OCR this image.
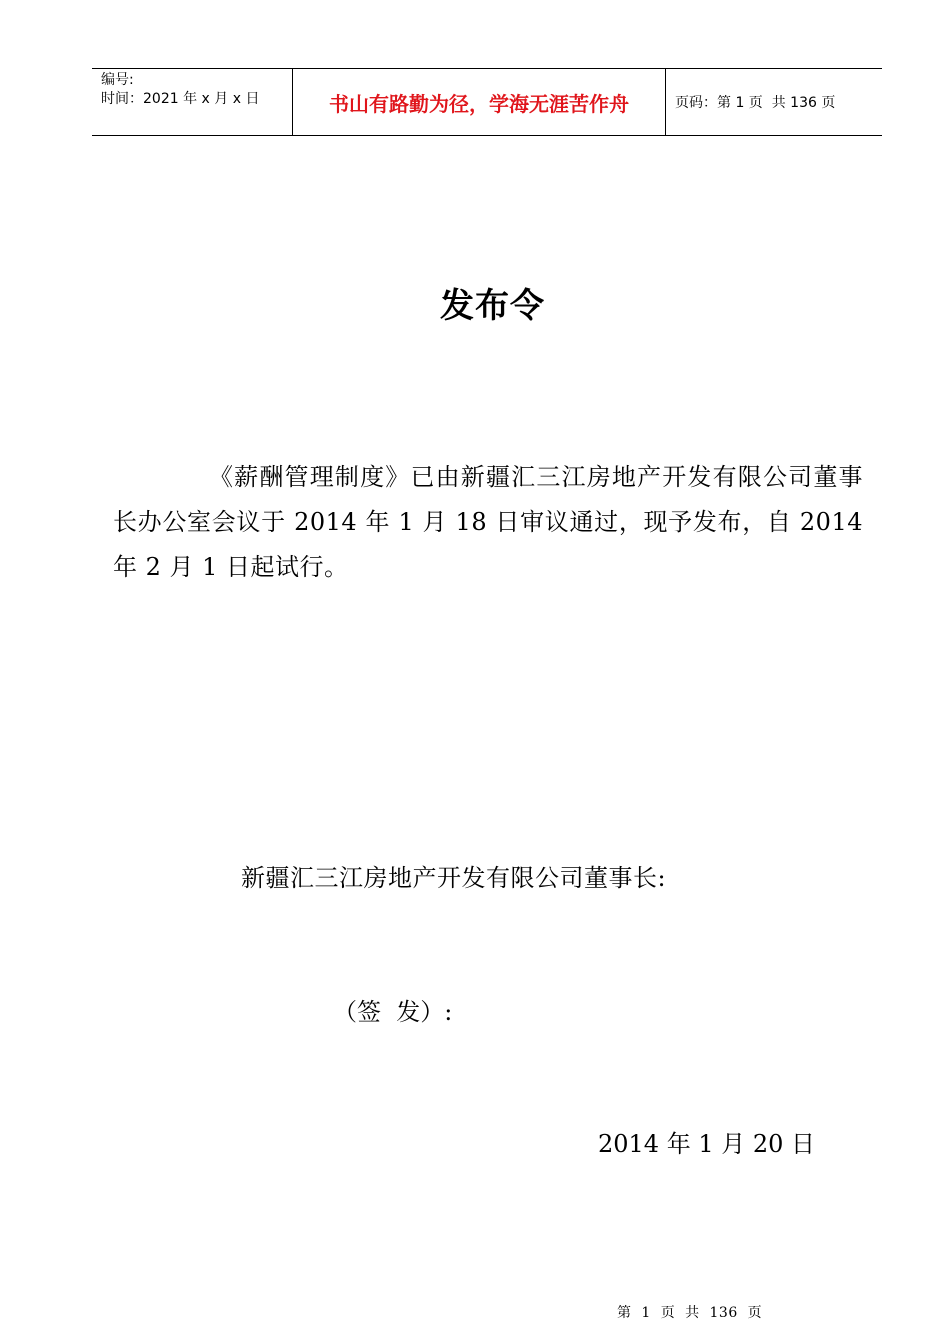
编号:
时间：2021 年 x 月 x 日	书山有路勤为径，学海无涯苦作舟	页码：第 1 页  共 136 页
发布令
《薪酬管理制度》已由新疆汇三江房地产开发有限公司董事长办公室会议于 2014 年 1 月 18 日审议通过，现予发布，自 2014 年 2 月 1 日起试行。
新疆汇三江房地产开发有限公司董事长:
（签  发）:
2014 年 1 月 20 日
第  1  页  共  136  页
